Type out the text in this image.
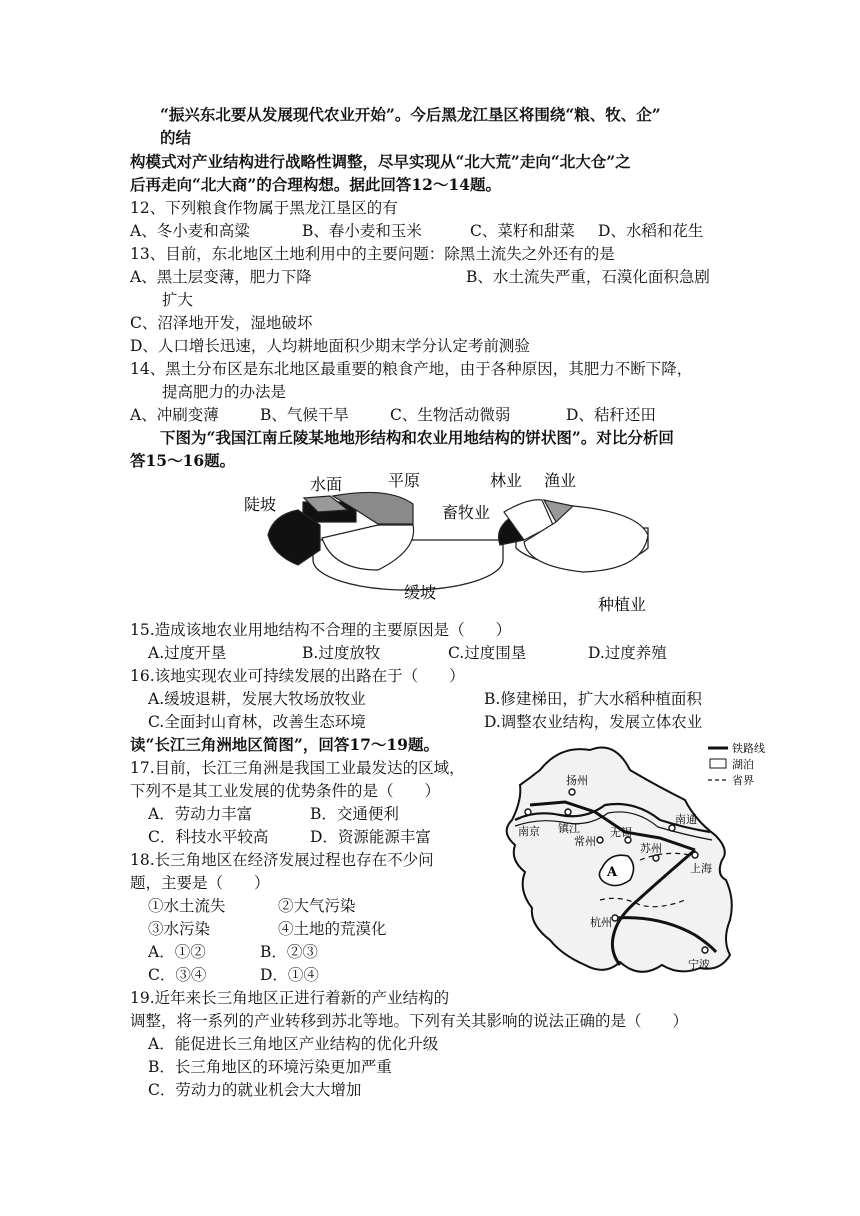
“振兴东北要从发展现代农业开始”。今后黑龙江垦区将围绕“粮、牧、企”
的结
构模式对产业结构进行战略性调整，尽早实现从“北大荒”走向“北大仓”之
后再走向“北大商”的合理构想。据此回答12～14题。
12、下列粮食作物属于黑龙江垦区的有
A、冬小麦和高粱	B、春小麦和玉米	C、菜籽和甜菜 D、水稻和花生
13、目前，东北地区土地利用中的主要问题：除黑土流失之外还有的是
A、黑土层变薄，肥力下降	B、水土流失严重，石漠化面积急剧
扩大
C、沼泽地开发，湿地破坏
D、人口增长迅速，人均耕地面积少期末学分认定考前测验
14、黑土分布区是东北地区最重要的粮食产地，由于各种原因，其肥力不断下降，
提高肥力的办法是
A、冲刷变薄	B、气候干旱	C、生物活动微弱	D、秸秆还田
下图为“我国江南丘陵某地地形结构和农业用地结构的饼状图”。对比分析回
答15～16题。
水面	平原
陡坡
缓坡
林业 渔业
畜牧业
种植业
15.造成该地农业用地结构不合理的主要原因是（　　）
A.过度开垦	B.过度放牧	C.过度围垦	D.过度养殖
16.该地实现农业可持续发展的出路在于（　　）
A.缓坡退耕，发展大牧场放牧业	B.修建梯田，扩大水稻种植面积
C.全面封山育林，改善生态环境	D.调整农业结构，发展立体农业
读“长江三角洲地区简图”，回答17～19题。
17.目前，长江三角洲是我国工业最发达的区域，
下列不是其工业发展的优势条件的是（　　）
A．劳动力丰富	B．交通便利
C．科技水平较高	D．资源能源丰富
18.长三角地区在经济发展过程也存在不少问
题，主要是（　　）
①水土流失	②大气污染
③水污染	④土地的荒漠化
A．①②	B．②③
C．③④	D．①④
19.近年来长三角地区正进行着新的产业结构的
调整，将一系列的产业转移到苏北等地。下列有关其影响的说法正确的是（　　）
A．能促进长三角地区产业结构的优化升级
B．长三角地区的环境污染更加严重
C．劳动力的就业机会大大增加
扬州
南京 镇江
南通
常州
无锡
苏州
上海
杭州
宁波
A
铁路线
湖泊
省界
